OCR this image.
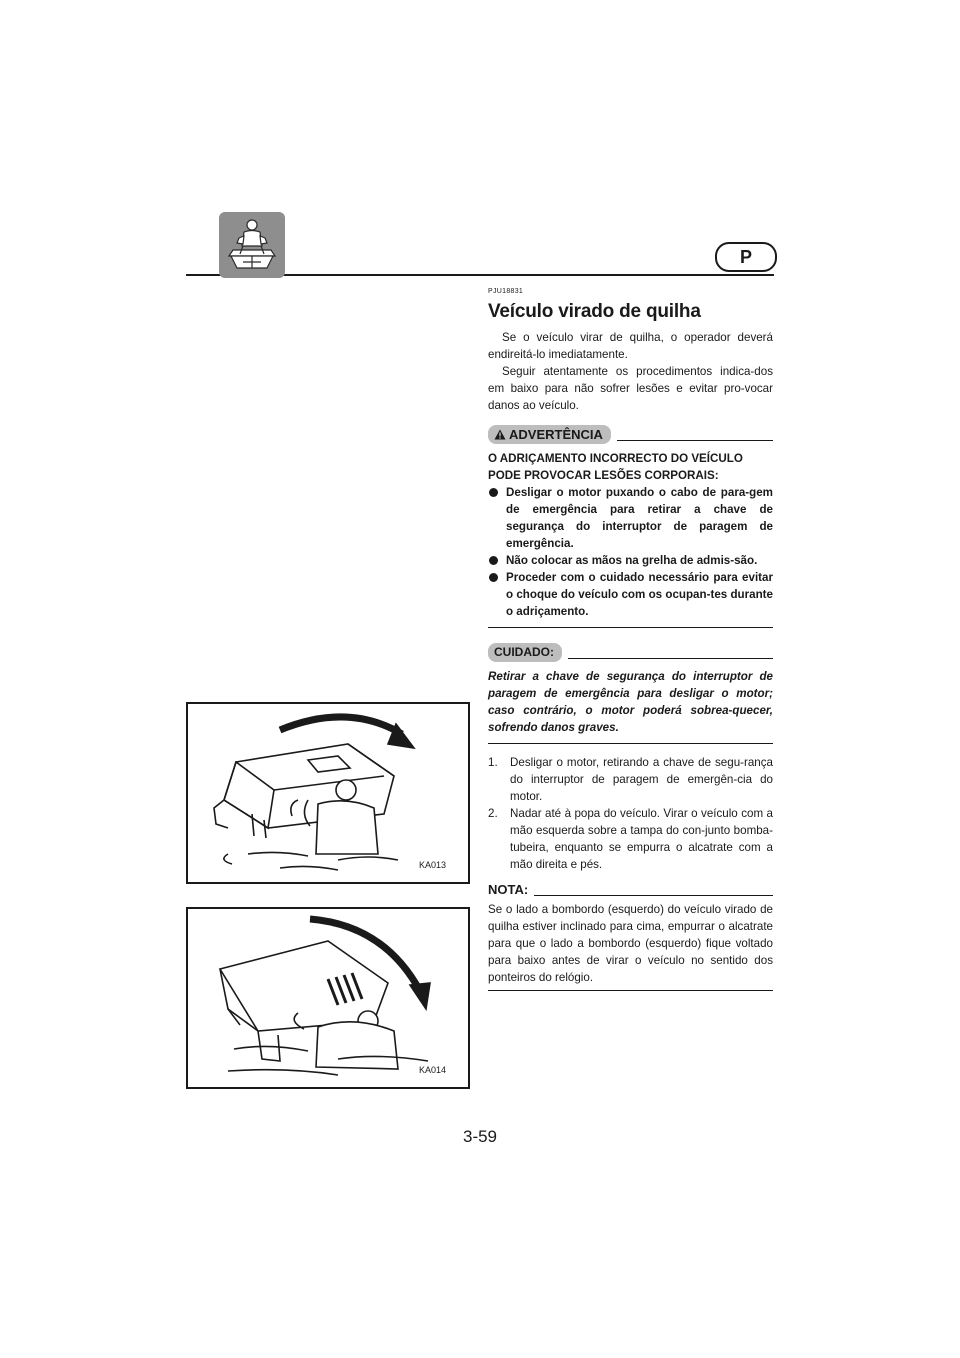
P
PJU18831
Veículo virado de quilha

Se o veículo virar de quilha, o operador deverá endireitá-lo imediatamente.

Seguir atentamente os procedimentos indica-dos em baixo para não sofrer lesões e evitar pro-vocar danos ao veículo.

ADVERTÊNCIA

O ADRIÇAMENTO INCORRECTO DO VEÍCULO PODE PROVOCAR LESÕES CORPORAIS:

Desligar o motor puxando o cabo de para-gem de emergência para retirar a chave de segurança do interruptor de paragem de emergência.
Não colocar as mãos na grelha de admis-são.
Proceder com o cuidado necessário para evitar o choque do veículo com os ocupan-tes durante o adriçamento.
CUIDADO:

Retirar a chave de segurança do interruptor de paragem de emergência para desligar o motor; caso contrário, o motor poderá sobrea-quecer, sofrendo danos graves.

1. Desligar o motor, retirando a chave de segu-rança do interruptor de paragem de emergên-cia do motor.
2. Nadar até à popa do veículo. Virar o veículo com a mão esquerda sobre a tampa do con-junto bomba-tubeira, enquanto se empurra o alcatrate com a mão direita e pés.
NOTA:

Se o lado a bombordo (esquerdo) do veículo virado de quilha estiver inclinado para cima, empurrar o alcatrate para que o lado a bombordo (esquerdo) fique voltado para baixo antes de virar o veículo no sentido dos ponteiros do relógio.

KA013
KA014
3-59
